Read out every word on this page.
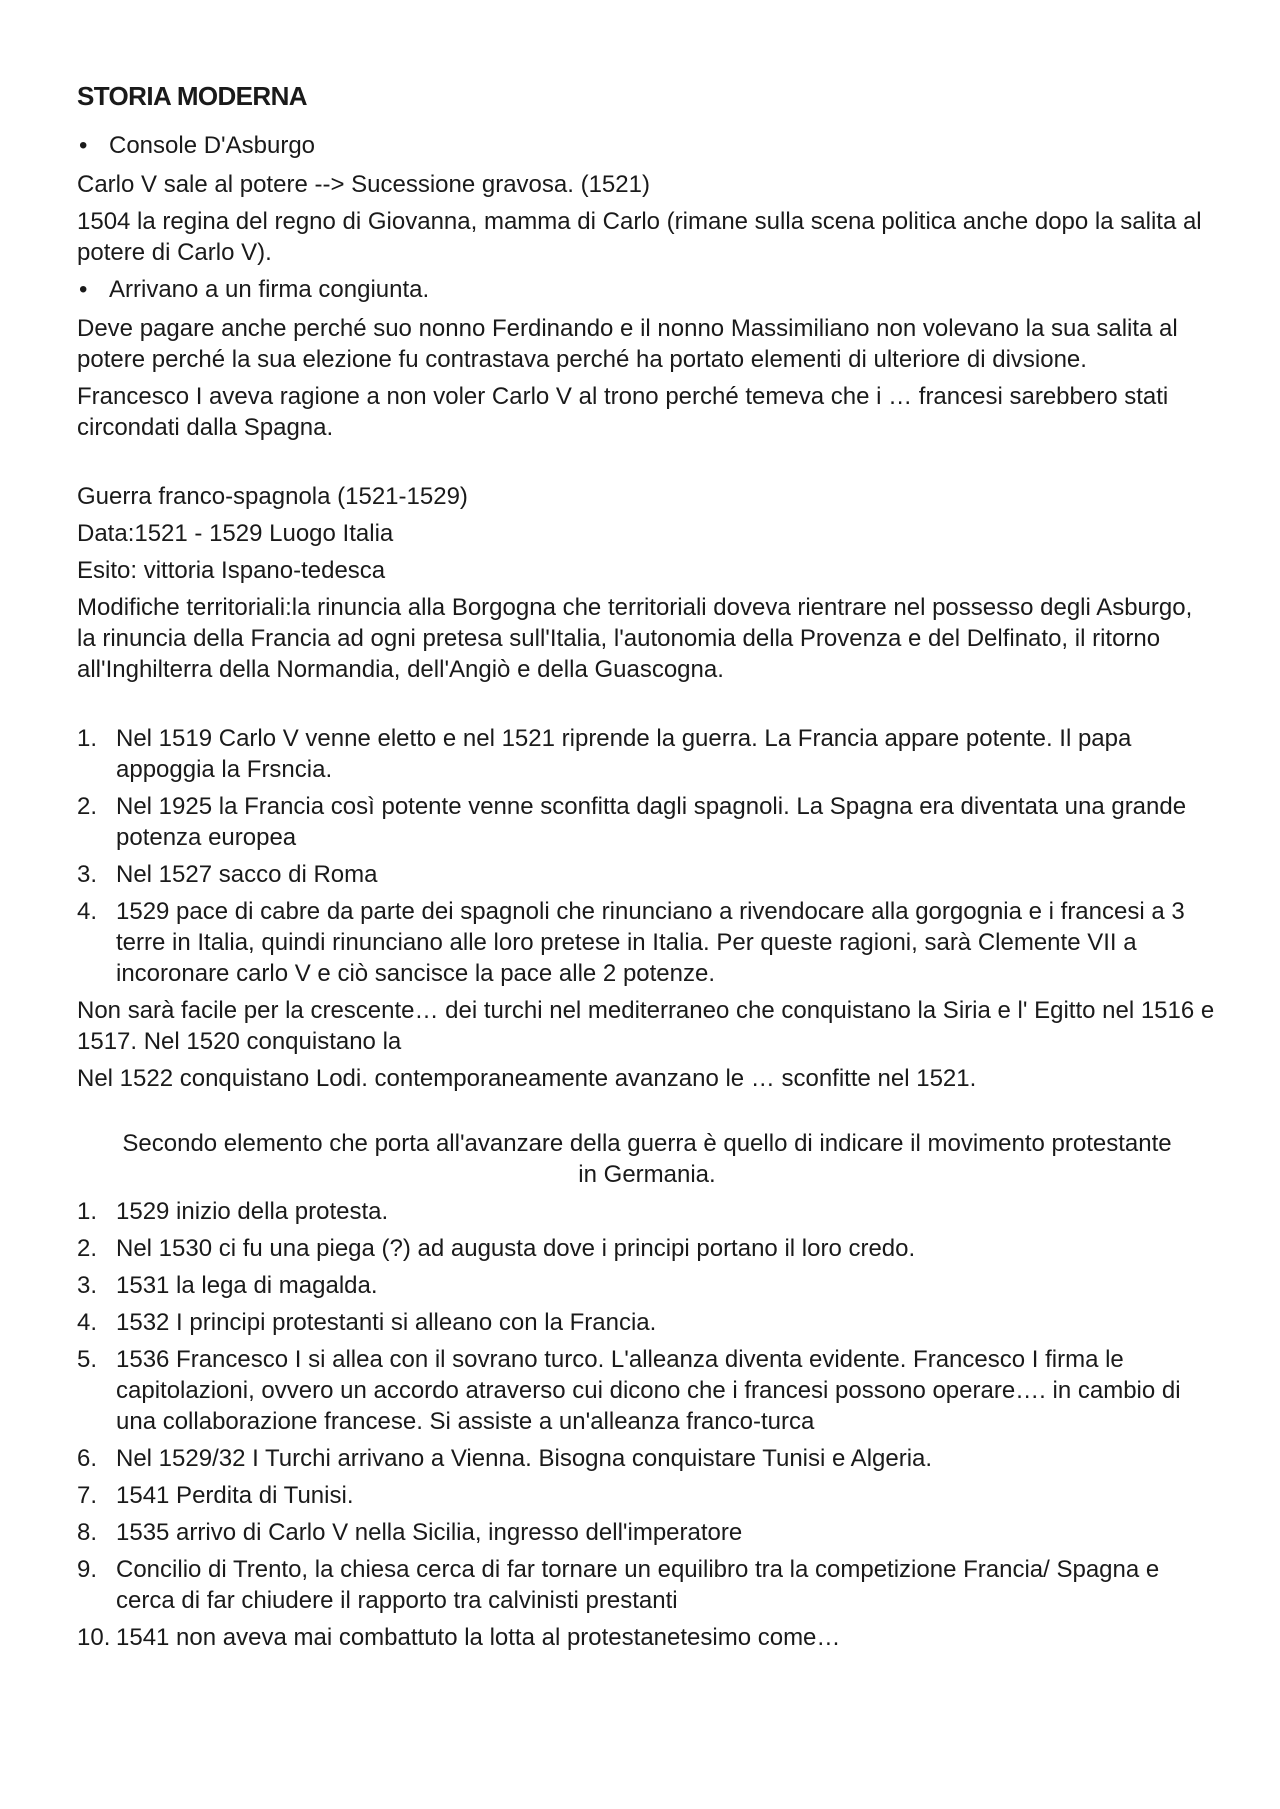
STORIA MODERNA
• Console D'Asburgo
Carlo V sale al potere --> Sucessione gravosa. (1521)
1504 la regina del regno di Giovanna, mamma di Carlo (rimane sulla scena politica anche dopo la salita al potere di Carlo V).
• Arrivano a un firma congiunta.
Deve pagare anche perché suo nonno Ferdinando e il nonno Massimiliano non volevano la sua salita al potere perché la sua elezione fu contrastava perché ha portato elementi di ulteriore di divsione.
Francesco I aveva ragione a non voler Carlo V al trono perché temeva che i … francesi sarebbero stati circondati dalla Spagna.
Guerra franco-spagnola (1521-1529)
Data:1521 - 1529 Luogo Italia
Esito: vittoria Ispano-tedesca
Modifiche territoriali:la rinuncia alla Borgogna che territoriali doveva rientrare nel possesso degli Asburgo, la rinuncia della Francia ad ogni pretesa sull'Italia, l'autonomia della Provenza e del Delfinato, il ritorno all'Inghilterra della Normandia, dell'Angiò e della Guascogna.
1. Nel 1519 Carlo V venne eletto e nel 1521 riprende la guerra. La Francia appare potente. Il papa appoggia la Frsncia.
2. Nel 1925 la Francia così potente venne sconfitta dagli spagnoli. La Spagna era diventata una grande potenza europea
3. Nel 1527 sacco di Roma
4. 1529 pace di cabre da parte dei spagnoli che rinunciano a rivendocare alla gorgognia e i francesi a 3 terre in Italia, quindi rinunciano alle loro pretese in Italia. Per queste ragioni, sarà Clemente VII a incoronare carlo V e ciò sancisce la pace alle 2 potenze.
Non sarà facile per la crescente… dei turchi nel mediterraneo che conquistano la Siria e l' Egitto nel 1516 e 1517. Nel 1520 conquistano la
Nel 1522 conquistano Lodi. contemporaneamente avanzano le … sconfitte nel 1521.
Secondo elemento che porta all'avanzare della guerra è quello di indicare il movimento protestante in Germania.
1. 1529 inizio della protesta.
2. Nel 1530 ci fu una piega (?) ad augusta dove i principi portano il loro credo.
3. 1531 la lega di magalda.
4. 1532 I principi protestanti si alleano con la Francia.
5. 1536 Francesco I si allea con il sovrano turco. L'alleanza diventa evidente. Francesco I firma le capitolazioni, ovvero un accordo atraverso cui dicono che i francesi possono operare…. in cambio di una collaborazione francese. Si assiste a un'alleanza franco-turca
6. Nel 1529/32 I Turchi arrivano a Vienna. Bisogna conquistare Tunisi e Algeria.
7. 1541 Perdita di Tunisi.
8. 1535 arrivo di Carlo V nella Sicilia, ingresso dell'imperatore
9. Concilio di Trento, la chiesa cerca di far tornare un equilibro tra la competizione Francia/ Spagna e cerca di far chiudere il rapporto tra calvinisti prestanti
10. 1541 non aveva mai combattuto la lotta al protestanetesimo come…
